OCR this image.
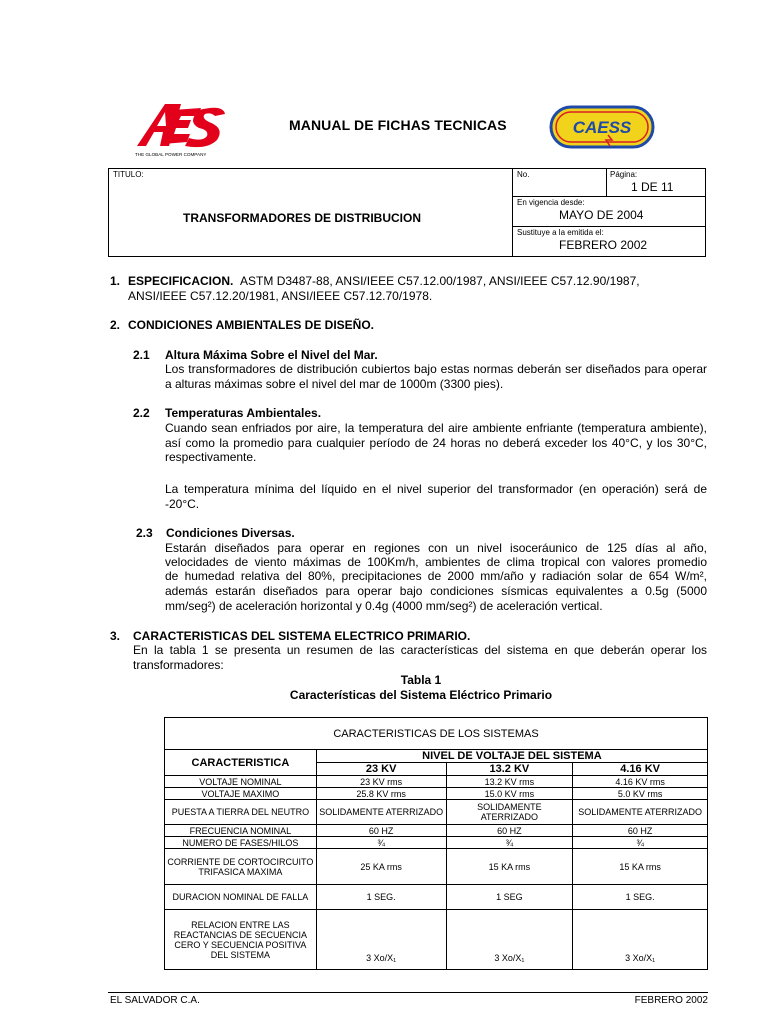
THE GLOBAL POWER COMPANY
MANUAL DE FICHAS TECNICAS	CAESS
TITULO:
TRANSFORMADORES DE DISTRIBUCION
No.	Página:
1 DE 11
En vigencia desde:
MAYO DE 2004
Sustituye a la emitida el:
FEBRERO 2002
1. ESPECIFICACION. ASTM D3487-88, ANSI/IEEE C57.12.00/1987, ANSI/IEEE C57.12.90/1987,
ANSI/IEEE C57.12.20/1981, ANSI/IEEE C57.12.70/1978.
2. CONDICIONES AMBIENTALES DE DISEÑO.
2.1 Altura Máxima Sobre el Nivel del Mar.
Los transformadores de distribución cubiertos bajo estas normas deberán ser diseñados para operar a alturas máximas sobre el nivel del mar de 1000m (3300 pies).
2.2 Temperaturas Ambientales.
Cuando sean enfriados por aire, la temperatura del aire ambiente enfriante (temperatura ambiente), así como la promedio para cualquier período de 24 horas no deberá exceder los 40°C, y los 30°C, respectivamente.
La temperatura mínima del líquido en el nivel superior del transformador (en operación) será de -20°C.
2.3 Condiciones Diversas.
Estarán diseñados para operar en regiones con un nivel isoceráunico de 125 días al año,
velocidades de viento máximas de 100Km/h, ambientes de clima tropical con valores promedio
de humedad relativa del 80%, precipitaciones de 2000 mm/año y radiación solar de 654 W/m²,
además estarán diseñados para operar bajo condiciones sísmicas equivalentes a 0.5g (5000
mm/seg²) de aceleración horizontal y 0.4g (4000 mm/seg²) de aceleración vertical.
3. CARACTERISTICAS DEL SISTEMA ELECTRICO PRIMARIO.
En la tabla 1 se presenta un resumen de las características del sistema en que deberán operar los transformadores:
Tabla 1
Características del Sistema Eléctrico Primario
CARACTERISTICAS DE LOS SISTEMAS			
CARACTERISTICA	NIVEL DE VOLTAJE DEL SISTEMA		
	23 KV	13.2 KV	4.16 KV
VOLTAJE NOMINAL	23 KV rms	13.2 KV rms	4.16 KV rms
VOLTAJE MAXIMO	25.8 KV rms	15.0 KV rms	5.0 KV rms
PUESTA A TIERRA DEL NEUTRO	SOLIDAMENTE ATERRIZADO	SOLIDAMENTE ATERRIZADO	SOLIDAMENTE ATERRIZADO
FRECUENCIA NOMINAL	60 HZ	60 HZ	60 HZ
NUMERO DE FASES/HILOS	¾	¾	¾
CORRIENTE DE CORTOCIRCUITO TRIFASICA MAXIMA	25 KA rms	15 KA rms	15 KA rms
DURACION NOMINAL DE FALLA	1 SEG.	1 SEG	1 SEG.
RELACION ENTRE LAS REACTANCIAS DE SECUENCIA CERO Y SECUENCIA POSITIVA DEL SISTEMA	3 Xo/X₁	3 Xo/X₁	3 Xo/X₁
EL SALVADOR C.A.	FEBRERO 2002
